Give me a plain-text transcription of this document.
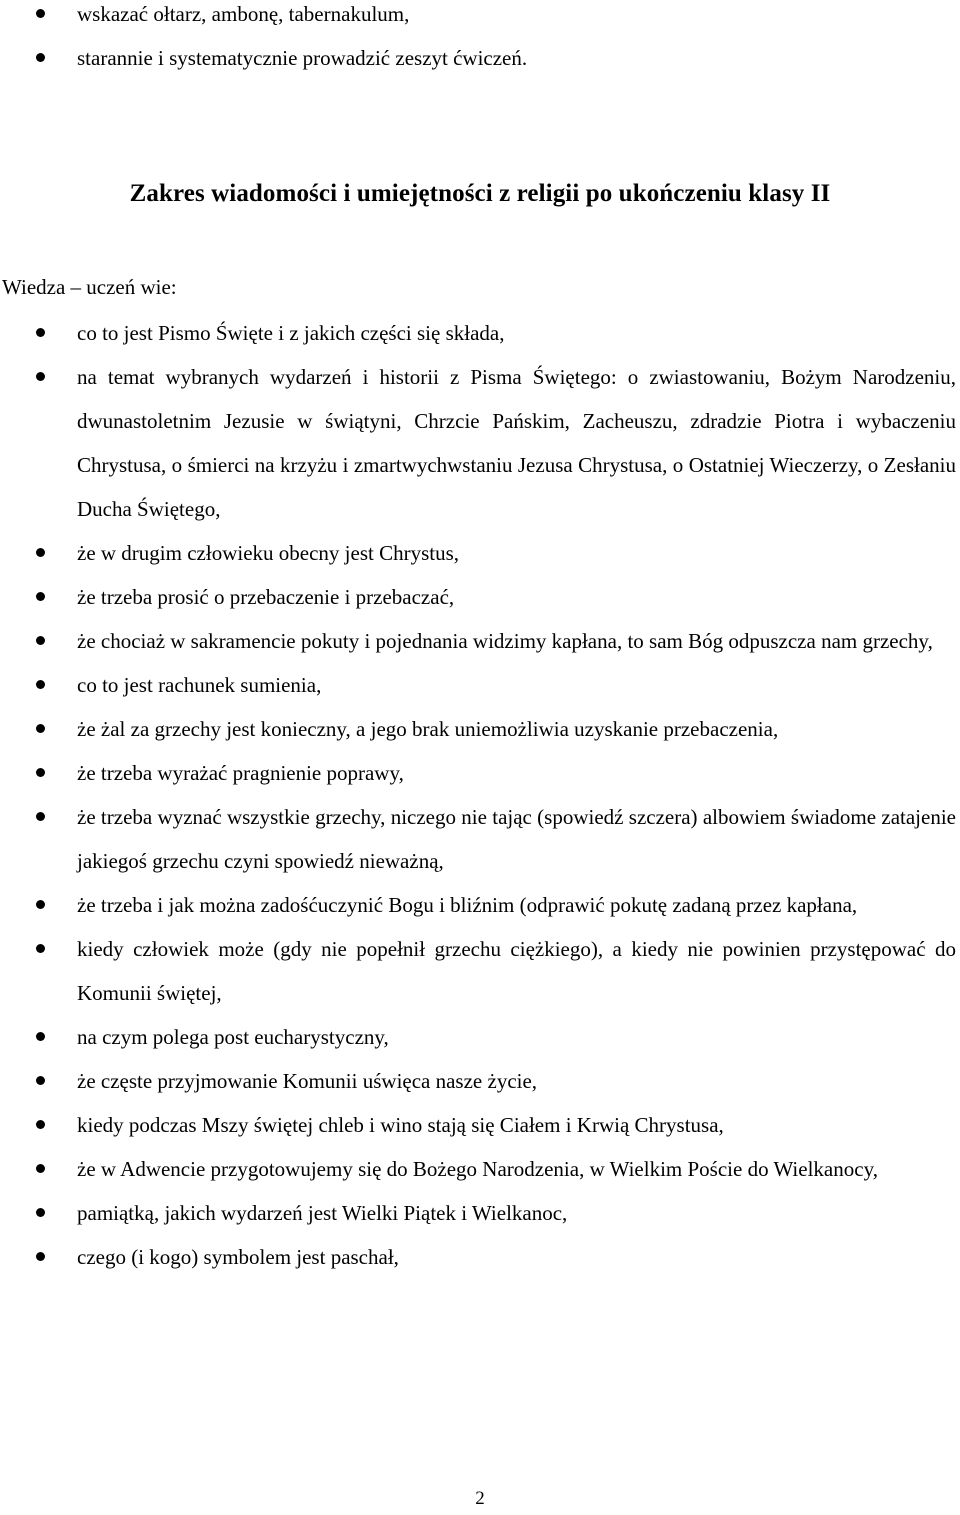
wskazać ołtarz, ambonę, tabernakulum,
starannie i systematycznie prowadzić zeszyt ćwiczeń.
Zakres wiadomości i umiejętności z religii po ukończeniu klasy II
Wiedza – uczeń wie:
co to jest Pismo Święte i z jakich części się składa,
na temat wybranych wydarzeń i historii z Pisma Świętego: o zwiastowaniu, Bożym Narodzeniu, dwunastoletnim Jezusie w świątyni, Chrzcie Pańskim, Zacheuszu, zdradzie Piotra i wybaczeniu Chrystusa, o śmierci na krzyżu i zmartwychwstaniu Jezusa Chrystusa, o Ostatniej Wieczerzy, o Zesłaniu Ducha Świętego,
że w drugim człowieku obecny jest Chrystus,
że trzeba prosić o przebaczenie i przebaczać,
że chociaż w sakramencie pokuty i pojednania widzimy kapłana, to sam Bóg odpuszcza nam grzechy,
co to jest rachunek sumienia,
że żal za grzechy jest konieczny, a jego brak uniemożliwia uzyskanie przebaczenia,
że trzeba wyrażać pragnienie poprawy,
że trzeba wyznać wszystkie grzechy, niczego nie tając (spowiedź szczera) albowiem świadome zatajenie jakiegoś grzechu czyni spowiedź nieważną,
że trzeba i jak można zadośćuczynić Bogu i bliźnim (odprawić pokutę zadaną przez kapłana,
kiedy człowiek może (gdy nie popełnił grzechu ciężkiego), a kiedy nie powinien przystępować do Komunii świętej,
na czym polega post eucharystyczny,
że częste przyjmowanie Komunii uświęca nasze życie,
kiedy podczas Mszy świętej chleb i wino stają się Ciałem i Krwią Chrystusa,
że w Adwencie przygotowujemy się do Bożego Narodzenia, w Wielkim Poście do Wielkanocy,
pamiątką, jakich wydarzeń jest Wielki Piątek i Wielkanoc,
czego (i kogo) symbolem jest paschał,
2
